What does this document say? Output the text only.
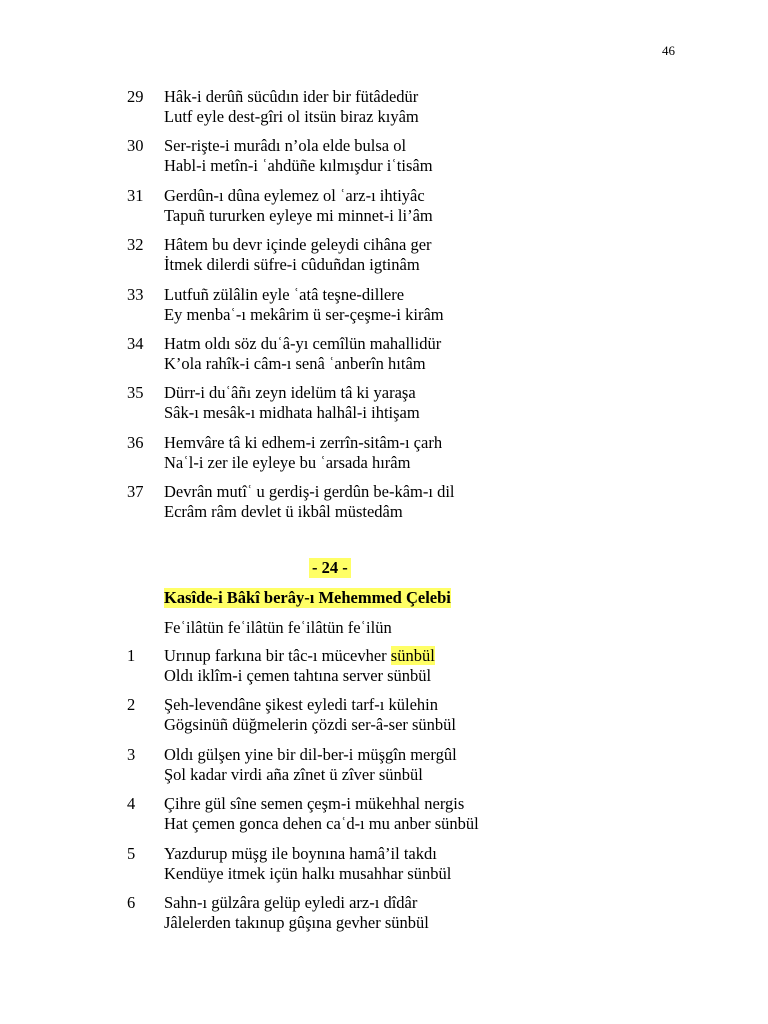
46
29	Hâk-i derûñ sücûdın ider bir fütâdedür
Lutf eyle dest-gîri ol itsün biraz kıyâm
30	Ser-rişte-i murâdı n’ola elde bulsa ol
Habl-i metîn-i ʿahdüñe kılmışdur iʿtisâm
31	Gerdûn-ı dûna eylemez ol ʿarz-ı ihtiyâc
Tapuñ tururken eyleye mi minnet-i li’âm
32	Hâtem bu devr içinde geleydi cihâna ger
İtmek dilerdi süfre-i cûduñdan igtinâm
33	Lutfuñ zülâlin eyle ʿatâ teşne-dillere
Ey menbaʿ-ı mekârim ü ser-çeşme-i kirâm
34	Hatm oldı söz duʿâ-yı cemîlün mahallidür
K’ola rahîk-i câm-ı senâ ʿanberîn hıtâm
35	Dürr-i duʿâñı zeyn idelüm tâ ki yaraşa
Sâk-ı mesâk-ı midhata halhâl-i ihtişam
36	Hemvâre tâ ki edhem-i zerrîn-sitâm-ı çarh
Naʿl-i zer ile eyleye bu ʿarsada hırâm
37	Devrân mutîʿ u gerdiş-i gerdûn be-kâm-ı dil
Ecrâm râm devlet ü ikbâl müstedâm
- 24 -
Kasîde-i Bâkî berây-ı Mehemmed Çelebi
Feʿilâtün feʿilâtün feʿilâtün feʿilün
1	Urınup farkına bir tâc-ı mücevher sünbül
Oldı iklîm-i çemen tahtına server sünbül
2	Şeh-levendâne şikest eyledi tarf-ı külehin
Gögsinüñ düğmelerin çözdi ser-â-ser sünbül
3	Oldı gülşen yine bir dil-ber-i müşgîn mergûl
Şol kadar virdi aña zînet ü zîver sünbül
4	Çihre gül sîne semen çeşm-i mükehhal nergis
Hat çemen gonca dehen caʿd-ı mu anber sünbül
5	Yazdurup müşg ile boynına hamâ’il takdı
Kendüye itmek içün halkı musahhar sünbül
6	Sahn-ı gülzâra gelüp eyledi arz-ı dîdâr
Jâlelerden takınup gûşına gevher sünbül
